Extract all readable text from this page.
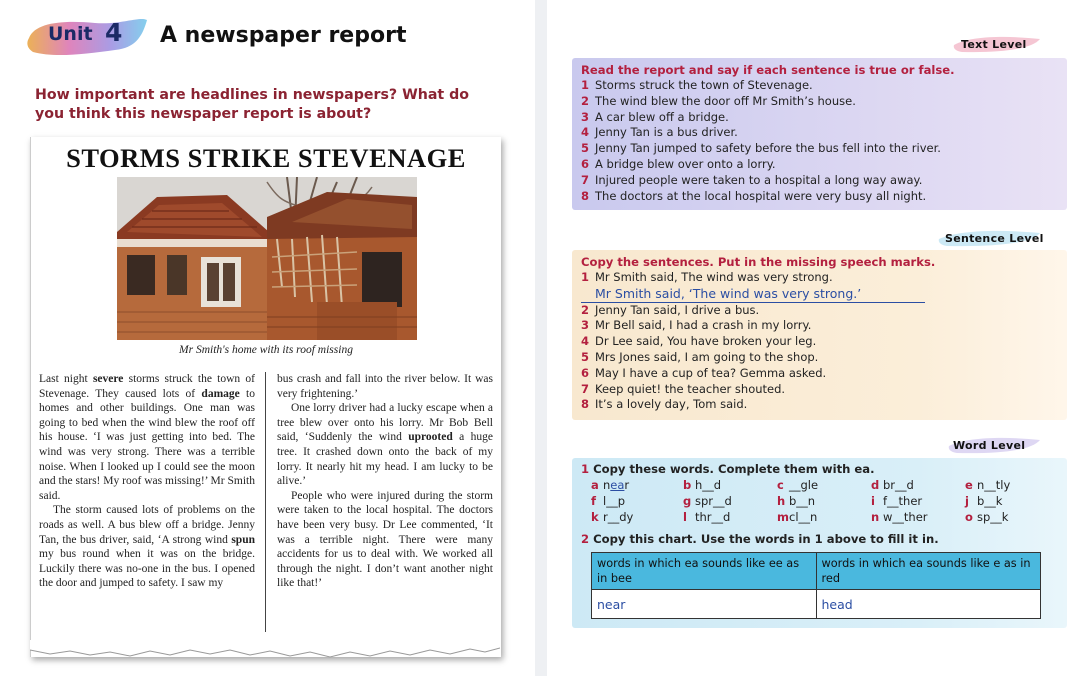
Unit 4 A newspaper report
How important are headlines in newspapers? What do you think this newspaper report is about?
STORMS STRIKE STEVENAGE
Mr Smith's home with its roof missing

Last night severe storms struck the town of Stevenage. They caused lots of damage to homes and other buildings. One man was going to bed when the wind blew the roof off his house. ‘I was just getting into bed. The wind was very strong. There was a terrible noise. When I looked up I could see the moon and the stars! My roof was missing!’ Mr Smith said.

The storm caused lots of problems on the roads as well. A bus blew off a bridge. Jenny Tan, the bus driver, said, ‘A strong wind spun my bus round when it was on the bridge. Luckily there was no-one in the bus. I opened the door and jumped to safety. I saw my

bus crash and fall into the river below. It was very frightening.’

One lorry driver had a lucky escape when a tree blew over onto his lorry. Mr Bob Bell said, ‘Suddenly the wind uprooted a huge tree. It crashed down onto the back of my lorry. It nearly hit my head. I am lucky to be alive.’

People who were injured during the storm were taken to the local hospital. The doctors have been very busy. Dr Lee commented, ‘It was a terrible night. There were many accidents for us to deal with. We worked all through the night. I don’t want another night like that!’

Text Level
Read the report and say if each sentence is true or false.
1 Storms struck the town of Stevenage.
2 The wind blew the door off Mr Smith’s house.
3 A car blew off a bridge.
4 Jenny Tan is a bus driver.
5 Jenny Tan jumped to safety before the bus fell into the river.
6 A bridge blew over onto a lorry.
7 Injured people were taken to a hospital a long way away.
8 The doctors at the local hospital were very busy all night.
Sentence Level
Copy the sentences. Put in the missing speech marks.
1 Mr Smith said, The wind was very strong.
Mr Smith said, ‘The wind was very strong.’
2 Jenny Tan said, I drive a bus.
3 Mr Bell said, I had a crash in my lorry.
4 Dr Lee said, You have broken your leg.
5 Mrs Jones said, I am going to the shop.
6 May I have a cup of tea? Gemma asked.
7 Keep quiet! the teacher shouted.
8 It’s a lovely day, Tom said.
Word Level
1 Copy these words. Complete them with ea.
a near	b h__d	c __gle	d br__d	e n__tly
f l__p	g spr__d	h b__n	i f__ther	j b__k
k r__dy	l thr__d	mcl__n	n w__ther	o sp__k
2 Copy this chart. Use the words in 1 above to fill it in.
words in which ea sounds like ee as in bee	words in which ea sounds like e as in red
near	head
